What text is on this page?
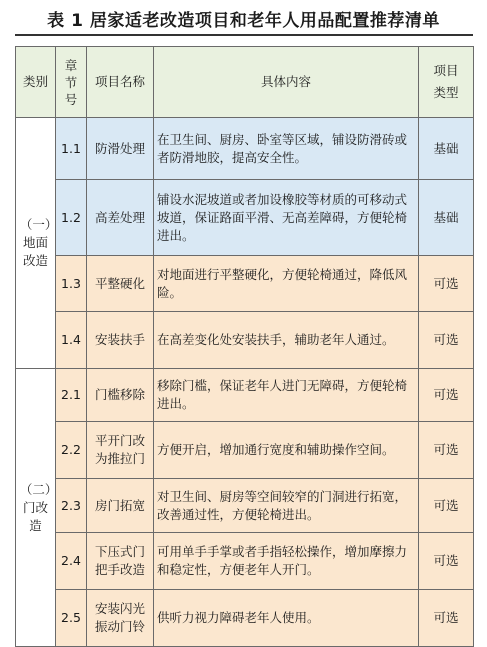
表 1 居家适老改造项目和老年人用品配置推荐清单
类别	章节号	项目名称	具体内容	项目类型
（一）地面改造	1.1	防滑处理	在卫生间、厨房、卧室等区域，铺设防滑砖或者防滑地胶，提高安全性。	基础
	1.2	高差处理	铺设水泥坡道或者加设橡胶等材质的可移动式坡道，保证路面平滑、无高差障碍，方便轮椅进出。	基础
	1.3	平整硬化	对地面进行平整硬化，方便轮椅通过，降低风险。	可选
	1.4	安装扶手	在高差变化处安装扶手，辅助老年人通过。	可选
（二）门改造	2.1	门槛移除	移除门槛，保证老年人进门无障碍，方便轮椅进出。	可选
	2.2	平开门改为推拉门	方便开启，增加通行宽度和辅助操作空间。	可选
	2.3	房门拓宽	对卫生间、厨房等空间较窄的门洞进行拓宽，改善通过性，方便轮椅进出。	可选
	2.4	下压式门把手改造	可用单手手掌或者手指轻松操作，增加摩擦力和稳定性，方便老年人开门。	可选
	2.5	安装闪光振动门铃	供听力视力障碍老年人使用。	可选
